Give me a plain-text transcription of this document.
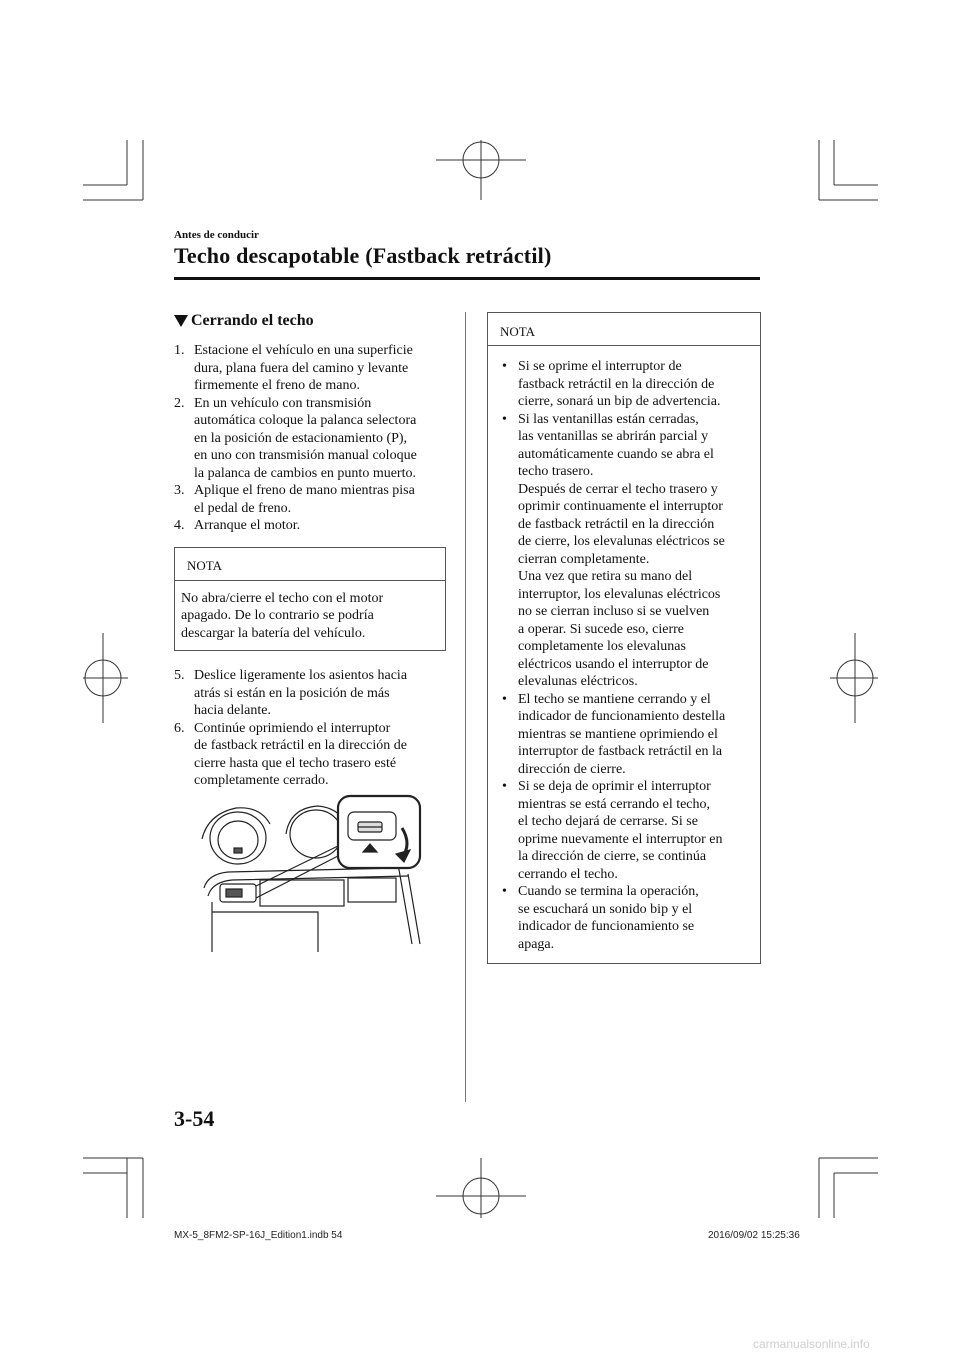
Antes de conducir
Techo descapotable (Fastback retráctil)
Cerrando el techo
1. Estacione el vehículo en una superficie
dura, plana fuera del camino y levante
firmemente el freno de mano.
2. En un vehículo con transmisión
automática coloque la palanca selectora
en la posición de estacionamiento (P),
en uno con transmisión manual coloque
la palanca de cambios en punto muerto.
3. Aplique el freno de mano mientras pisa
el pedal de freno.
4. Arranque el motor.
NOTA
No abra/cierre el techo con el motor
apagado. De lo contrario se podría
descargar la batería del vehículo.
5. Deslice ligeramente los asientos hacia
atrás si están en la posición de más
hacia delante.
6. Continúe oprimiendo el interruptor
de fastback retráctil en la dirección de
cierre hasta que el techo trasero esté
completamente cerrado.
NOTA
• Si se oprime el interruptor de
fastback retráctil en la dirección de
cierre, sonará un bip de advertencia.
• Si las ventanillas están cerradas,
las ventanillas se abrirán parcial y
automáticamente cuando se abra el
techo trasero.
Después de cerrar el techo trasero y
oprimir continuamente el interruptor
de fastback retráctil en la dirección
de cierre, los elevalunas eléctricos se
cierran completamente.
Una vez que retira su mano del
interruptor, los elevalunas eléctricos
no se cierran incluso si se vuelven
a operar. Si sucede eso, cierre
completamente los elevalunas
eléctricos usando el interruptor de
elevalunas eléctricos.
• El techo se mantiene cerrando y el
indicador de funcionamiento destella
mientras se mantiene oprimiendo el
interruptor de fastback retráctil en la
dirección de cierre.
• Si se deja de oprimir el interruptor
mientras se está cerrando el techo,
el techo dejará de cerrarse. Si se
oprime nuevamente el interruptor en
la dirección de cierre, se continúa
cerrando el techo.
• Cuando se termina la operación,
se escuchará un sonido bip y el
indicador de funcionamiento se
apaga.
3-54
MX-5_8FM2-SP-16J_Edition1.indb 54	2016/09/02 15:25:36
carmanualsonline.info
